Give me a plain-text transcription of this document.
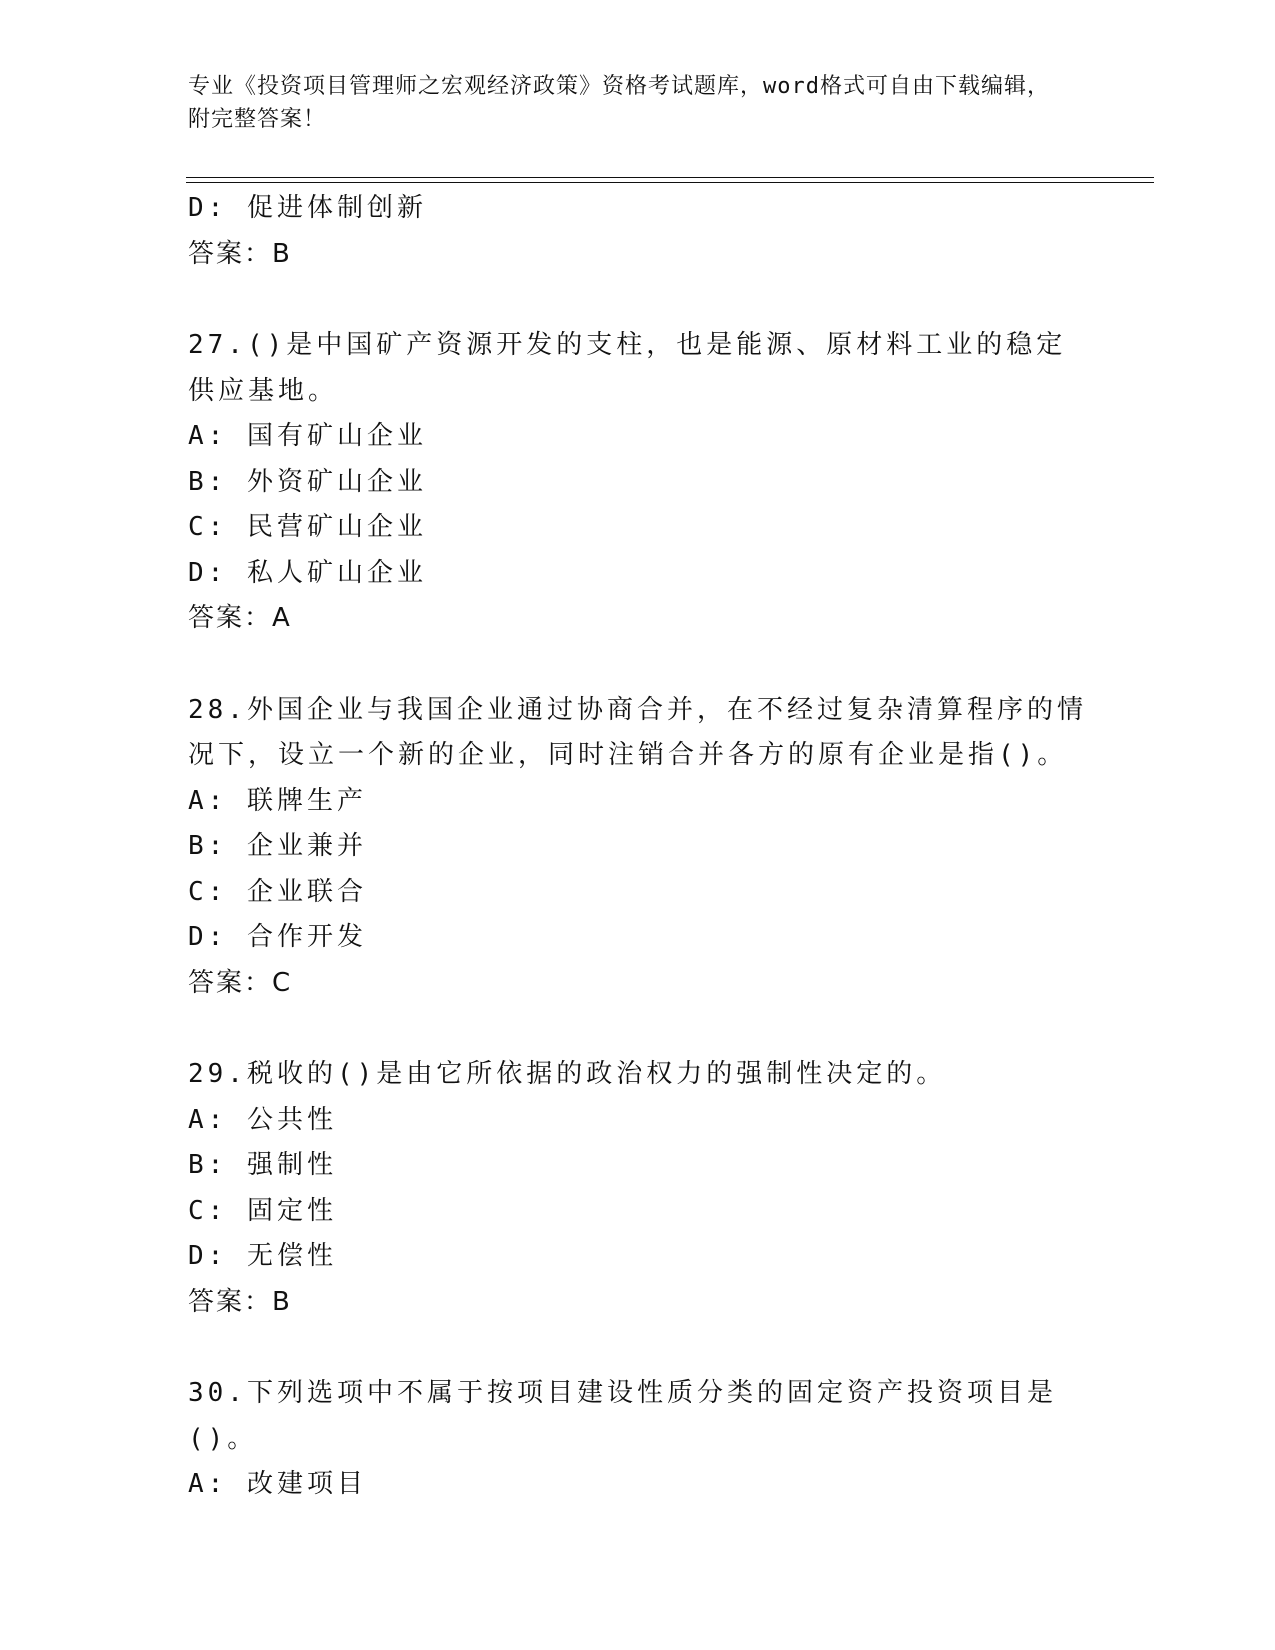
专业《投资项目管理师之宏观经济政策》资格考试题库，word格式可自由下载编辑，附完整答案！
D: 促进体制创新
答案：B
27.()是中国矿产资源开发的支柱，也是能源、原材料工业的稳定供应基地。
A: 国有矿山企业
B: 外资矿山企业
C: 民营矿山企业
D: 私人矿山企业
答案：A
28.外国企业与我国企业通过协商合并，在不经过复杂清算程序的情况下，设立一个新的企业，同时注销合并各方的原有企业是指()。
A: 联牌生产
B: 企业兼并
C: 企业联合
D: 合作开发
答案：C
29.税收的()是由它所依据的政治权力的强制性决定的。
A: 公共性
B: 强制性
C: 固定性
D: 无偿性
答案：B
30.下列选项中不属于按项目建设性质分类的固定资产投资项目是()。
A: 改建项目
